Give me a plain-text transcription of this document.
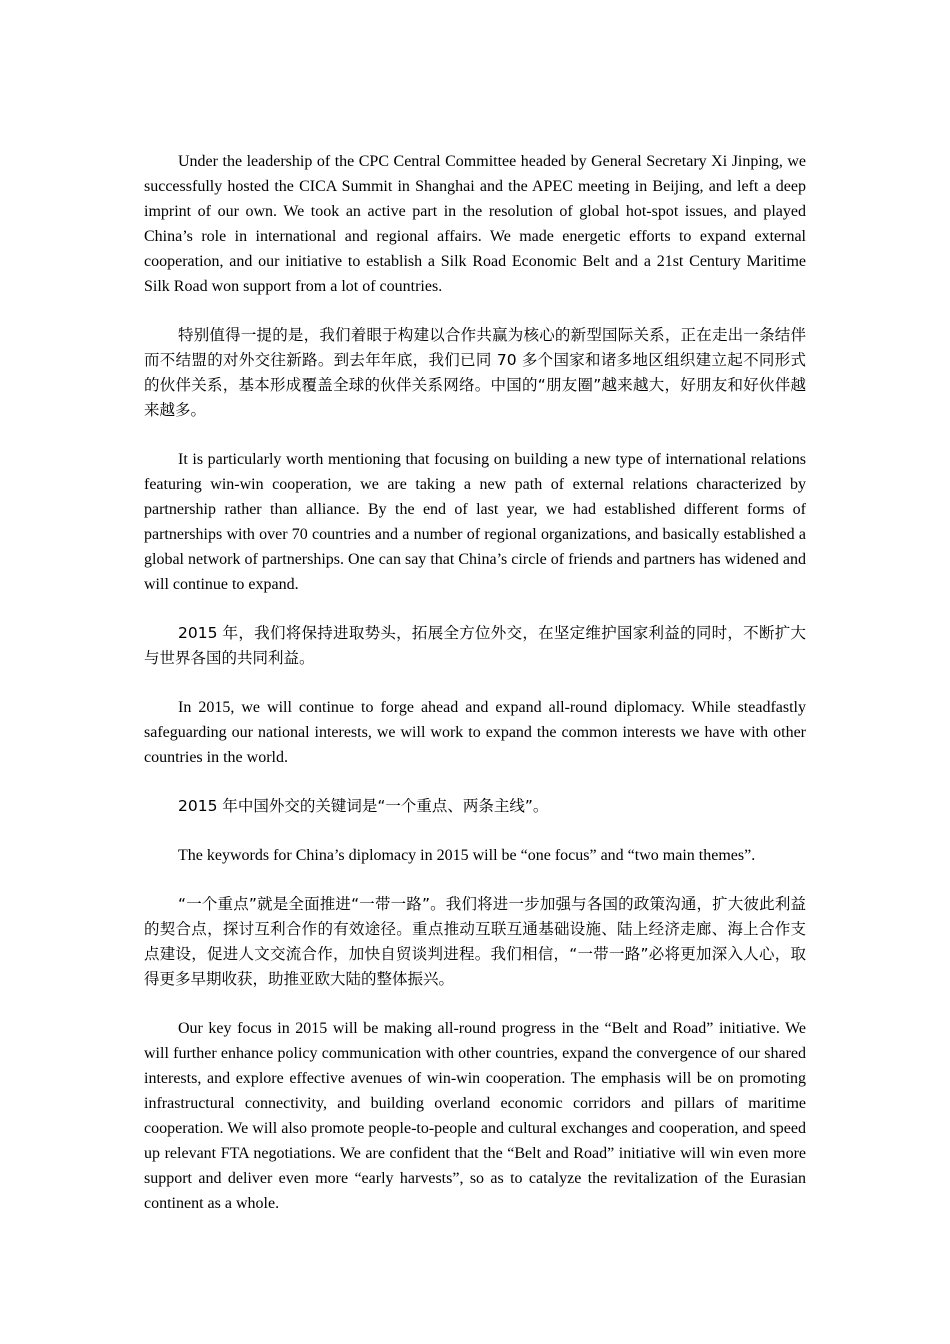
Under the leadership of the CPC Central Committee headed by General Secretary Xi Jinping, we successfully hosted the CICA Summit in Shanghai and the APEC meeting in Beijing, and left a deep imprint of our own. We took an active part in the resolution of global hot-spot issues, and played China’s role in international and regional affairs. We made energetic efforts to expand external cooperation, and our initiative to establish a Silk Road Economic Belt and a 21st Century Maritime Silk Road won support from a lot of countries.

特别值得一提的是，我们着眼于构建以合作共赢为核心的新型国际关系，正在走出一条结伴而不结盟的对外交往新路。到去年年底，我们已同 70 多个国家和诸多地区组织建立起不同形式的伙伴关系，基本形成覆盖全球的伙伴关系网络。中国的“朋友圈”越来越大，好朋友和好伙伴越来越多。

It is particularly worth mentioning that focusing on building a new type of international relations featuring win-win cooperation, we are taking a new path of external relations characterized by partnership rather than alliance. By the end of last year, we had established different forms of partnerships with over 70 countries and a number of regional organizations, and basically established a global network of partnerships. One can say that China’s circle of friends and partners has widened and will continue to expand.

2015 年，我们将保持进取势头，拓展全方位外交，在坚定维护国家利益的同时，不断扩大与世界各国的共同利益。

In 2015, we will continue to forge ahead and expand all-round diplomacy. While steadfastly safeguarding our national interests, we will work to expand the common interests we have with other countries in the world.

2015 年中国外交的关键词是“一个重点、两条主线”。

The keywords for China’s diplomacy in 2015 will be “one focus” and “two main themes”.

“一个重点”就是全面推进“一带一路”。我们将进一步加强与各国的政策沟通，扩大彼此利益的契合点，探讨互利合作的有效途径。重点推动互联互通基础设施、陆上经济走廊、海上合作支点建设，促进人文交流合作，加快自贸谈判进程。我们相信，“一带一路”必将更加深入人心，取得更多早期收获，助推亚欧大陆的整体振兴。

Our key focus in 2015 will be making all-round progress in the “Belt and Road” initiative. We will further enhance policy communication with other countries, expand the convergence of our shared interests, and explore effective avenues of win-win cooperation. The emphasis will be on promoting infrastructural connectivity, and building overland economic corridors and pillars of maritime cooperation. We will also promote people-to-people and cultural exchanges and cooperation, and speed up relevant FTA negotiations. We are confident that the “Belt and Road” initiative will win even more support and deliver even more “early harvests”, so as to catalyze the revitalization of the Eurasian continent as a whole.
